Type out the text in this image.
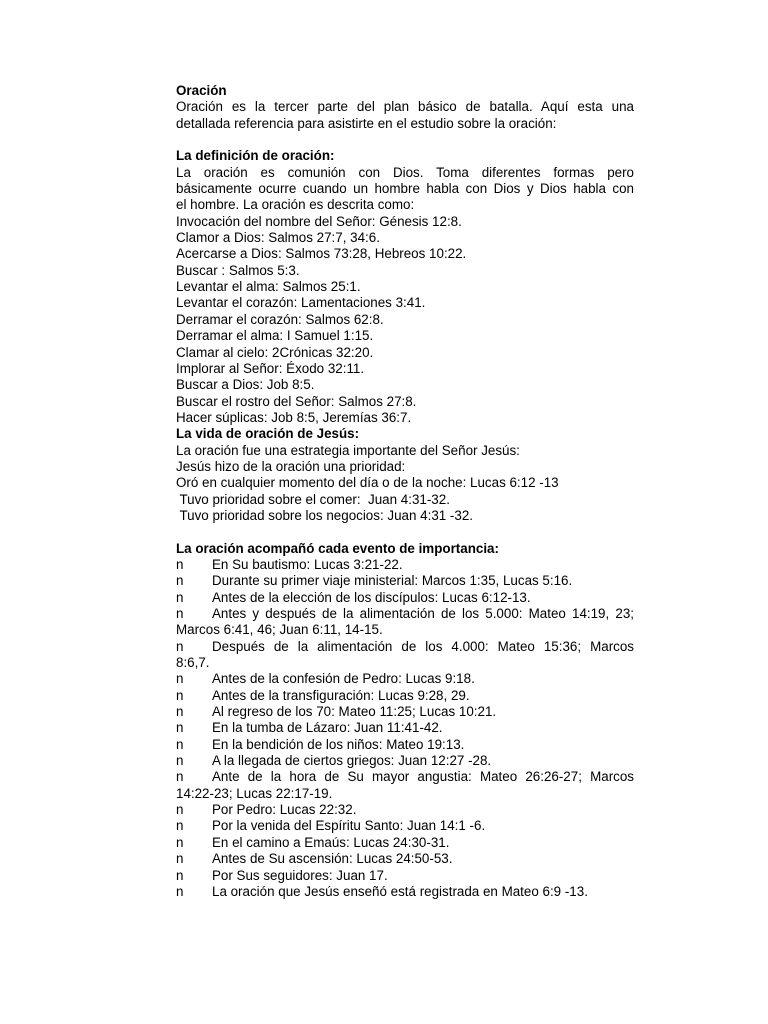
Oración
Oración es la tercer parte del plan básico de batalla. Aquí esta una
detallada referencia para asistirte en el estudio sobre la oración:
La definición de oración:
La oración es comunión con Dios. Toma diferentes formas pero
básicamente ocurre cuando un hombre habla con Dios y Dios habla con
el hombre. La oración es descrita como:
Invocación del nombre del Señor: Génesis 12:8.
Clamor a Dios: Salmos 27:7, 34:6.
Acercarse a Dios: Salmos 73:28, Hebreos 10:22.
Buscar : Salmos 5:3.
Levantar el alma: Salmos 25:1.
Levantar el corazón: Lamentaciones 3:41.
Derramar el corazón: Salmos 62:8.
Derramar el alma: I Samuel 1:15.
Clamar al cielo: 2Crónicas 32:20.
Implorar al Señor: Éxodo 32:11.
Buscar a Dios: Job 8:5.
Buscar el rostro del Señor: Salmos 27:8.
Hacer súplicas: Job 8:5, Jeremías 36:7.
La vida de oración de Jesús:
La oración fue una estrategia importante del Señor Jesús:
Jesús hizo de la oración una prioridad:
Oró en cualquier momento del día o de la noche: Lucas 6:12 -13
Tuvo prioridad sobre el comer:  Juan 4:31-32.
Tuvo prioridad sobre los negocios: Juan 4:31 -32.
La oración acompañó cada evento de importancia:
n	En Su bautismo: Lucas 3:21-22.
n	Durante su primer viaje ministerial: Marcos 1:35, Lucas 5:16.
n	Antes de la elección de los discípulos: Lucas 6:12-13.
n	Antes y después de la alimentación de los 5.000: Mateo 14:19, 23;
Marcos 6:41, 46; Juan 6:11, 14-15.
n	Después de la alimentación de los 4.000: Mateo 15:36; Marcos
8:6,7.
n	Antes de la confesión de Pedro: Lucas 9:18.
n	Antes de la transfiguración: Lucas 9:28, 29.
n	Al regreso de los 70: Mateo 11:25; Lucas 10:21.
n	En la tumba de Lázaro: Juan 11:41-42.
n	En la bendición de los niños: Mateo 19:13.
n	A la llegada de ciertos griegos: Juan 12:27 -28.
n	Ante de la hora de Su mayor angustia: Mateo 26:26-27; Marcos
14:22-23; Lucas 22:17-19.
n	Por Pedro: Lucas 22:32.
n	Por la venida del Espíritu Santo: Juan 14:1 -6.
n	En el camino a Emaús: Lucas 24:30-31.
n	Antes de Su ascensión: Lucas 24:50-53.
n	Por Sus seguidores: Juan 17.
n	La oración que Jesús enseñó está registrada en Mateo 6:9 -13.
